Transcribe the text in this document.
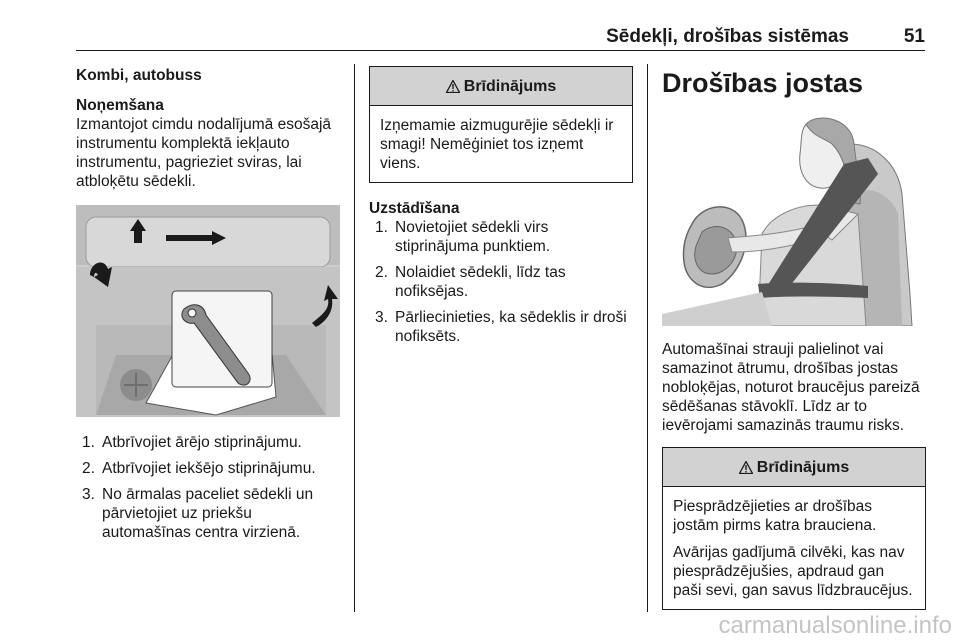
Sēdekļi, drošības sistēmas	51
Kombi, autobuss
Noņemšana

Izmantojot cimdu nodalījumā esošajā instrumentu komplektā iekļauto instrumentu, pagrieziet sviras, lai atbloķētu sēdekli.

1. Atbrīvojiet ārējo stiprinājumu.
2. Atbrīvojiet iekšējo stiprinājumu.
3. No ārmalas paceliet sēdekli un pārvietojiet uz priekšu automašīnas centra virzienā.
Brīdinājums

Izņemamie aizmugurējie sēdekļi ir smagi! Nemēģiniet tos izņemt viens.

Uzstādīšana
1. Novietojiet sēdekli virs stiprinājuma punktiem.
2. Nolaidiet sēdekli, līdz tas nofiksējas.
3. Pārliecinieties, ka sēdeklis ir droši nofiksēts.
Drošības jostas

Automašīnai strauji palielinot vai samazinot ātrumu, drošības jostas nobloķējas, noturot braucējus pareizā sēdēšanas stāvoklī. Līdz ar to ievērojami samazinās traumu risks.

Brīdinājums

Piesprādzējieties ar drošības jostām pirms katra brauciena.

Avārijas gadījumā cilvēki, kas nav piesprādzējušies, apdraud gan paši sevi, gan savus līdzbraucējus.

carmanualsonline.info
